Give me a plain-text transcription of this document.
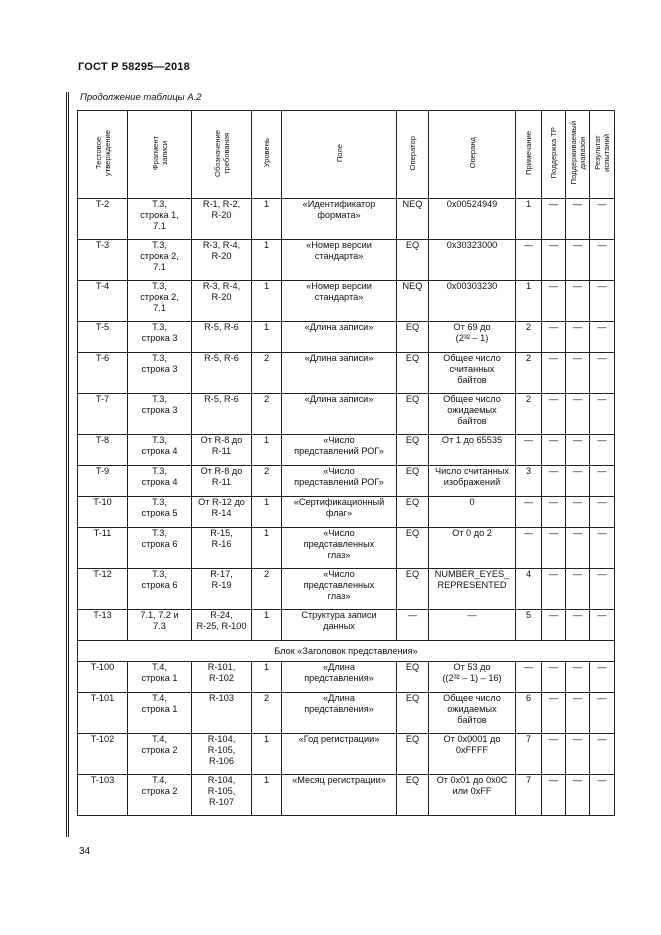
ГОСТ Р 58295—2018
Продолжение таблицы А.2
Тестовое
утверждение	Фрагмент
записи	Обозначение
требования	Уровень	Поле	Оператор	Операнд	Примечание	Поддержка ТР	Поддерживаемый
диапазон	Результат
испытаний
T-2	T.3,
строка 1,
7.1	R-1, R-2,
R-20	1	«Идентификатор
формата»	NEQ	0x00524949	1	—	—	—
T-3	T.3,
строка 2,
7.1	R-3, R-4,
R-20	1	«Номер версии
стандарта»	EQ	0x30323000	—	—	—	—
T-4	T.3,
строка 2,
7.1	R-3, R-4,
R-20	1	«Номер версии
стандарта»	NEQ	0x00303230	1	—	—	—
T-5	T.3,
строка 3	R-5, R-6	1	«Длина записи»	EQ	От 69 до
(2³² – 1)	2	—	—	—
T-6	T.3,
строка 3	R-5, R-6	2	«Длина записи»	EQ	Общее число
считанных
байтов	2	—	—	—
T-7	T.3,
строка 3	R-5, R-6	2	«Длина записи»	EQ	Общее число
ожидаемых
байтов	2	—	—	—
T-8	T.3,
строка 4	От R-8 до
R-11	1	«Число
представлений РОГ»	EQ	От 1 до 65535	—	—	—	—
T-9	T.3,
строка 4	От R-8 до
R-11	2	«Число
представлений РОГ»	EQ	Число считанных
изображений	3	—	—	—
T-10	T.3,
строка 5	От R-12 до
R-14	1	«Сертификационный
флаг»	EQ	0	—	—	—	—
T-11	T.3,
строка 6	R-15,
R-16	1	«Число
представленных
глаз»	EQ	От 0 до 2	—	—	—	—
T-12	T.3,
строка 6	R-17,
R-19	2	«Число
представленных
глаз»	EQ	NUMBER_EYES_
REPRESENTED	4	—	—	—
T-13	7.1, 7.2 и
7.3	R-24,
R-25, R-100	1	Структура записи
данных	—	—	5	—	—	—
Блок «Заголовок представления»										
T-100	T.4,
строка 1	R-101,
R-102	1	«Длина
представления»	EQ	От 53 до
((2³² – 1) – 16)	—	—	—	—
T-101	T.4,
строка 1	R-103	2	«Длина
представления»	EQ	Общее число
ожидаемых
байтов	6	—	—	—
T-102	T.4,
строка 2	R-104,
R-105,
R-106	1	«Год регистрации»	EQ	От 0x0001 до
0xFFFF	7	—	—	—
T-103	T.4,
строка 2	R-104,
R-105,
R-107	1	«Месяц регистрации»	EQ	От 0x01 до 0x0C
или 0xFF	7	—	—	—
34
